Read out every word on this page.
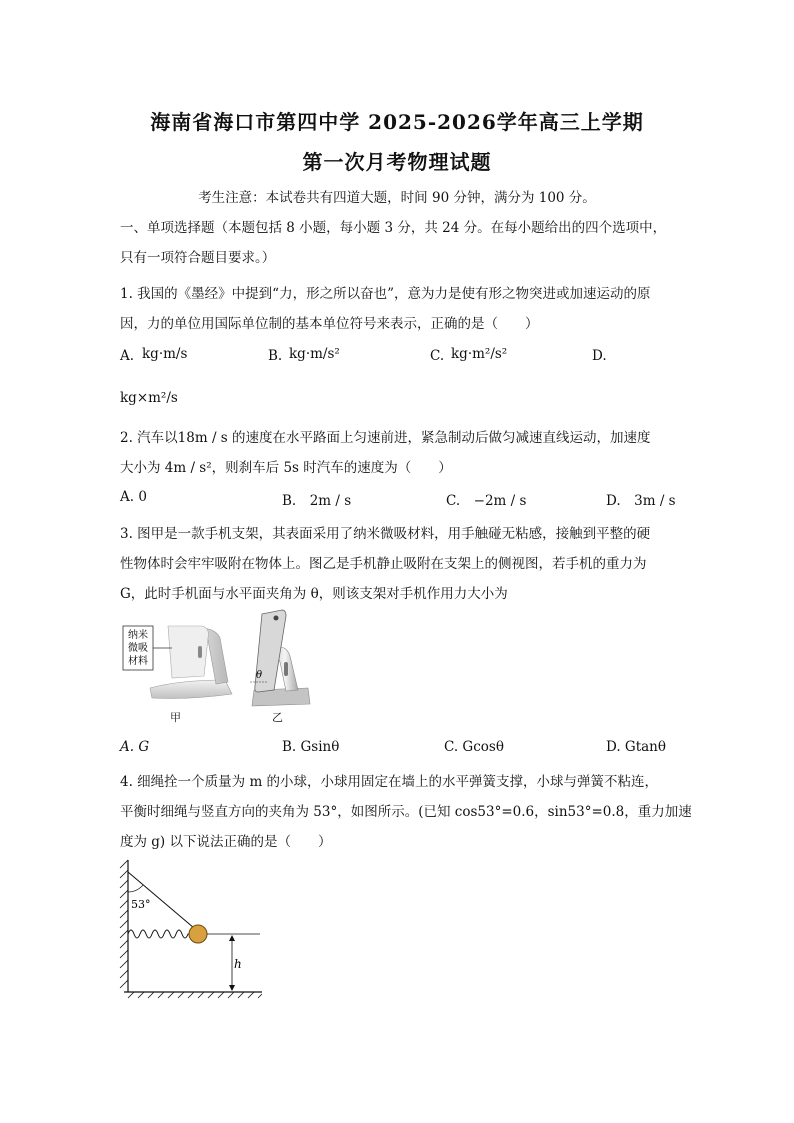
海南省海口市第四中学 2025-2026学年高三上学期
第一次月考物理试题
考生注意：本试卷共有四道大题，时间 90 分钟，满分为 100 分。
一、单项选择题（本题包括 8 小题，每小题 3 分，共 24 分。在每小题给出的四个选项中，
只有一项符合题目要求。）
1. 我国的《墨经》中提到“力，形之所以奋也”，意为力是使有形之物突进或加速运动的原
因，力的单位用国际单位制的基本单位符号来表示，正确的是（　　）
A. kg·m/s	B. kg·m/s²	C. kg·m²/s²	D.
kg×m²/s
2. 汽车以18m / s 的速度在水平路面上匀速前进，紧急制动后做匀减速直线运动，加速度
大小为 4m / s²，则刹车后 5s 时汽车的速度为（　　）
A. 0	B.　2m / s	C.　−2m / s	D.　3m / s
3. 图甲是一款手机支架，其表面采用了纳米微吸材料，用手触碰无粘感，接触到平整的硬
性物体时会牢牢吸附在物体上。图乙是手机静止吸附在支架上的侧视图，若手机的重力为
G，此时手机面与水平面夹角为 θ，则该支架对手机作用力大小为
纳米
微吸
材料
甲
θ
乙
A. G	B. Gsinθ	C. Gcosθ	D. Gtanθ
4. 细绳拴一个质量为 m 的小球，小球用固定在墙上的水平弹簧支撑，小球与弹簧不粘连，
平衡时细绳与竖直方向的夹角为 53°，如图所示。(已知 cos53°=0.6，sin53°=0.8，重力加速
度为 g) 以下说法正确的是（　　）
53°
h
